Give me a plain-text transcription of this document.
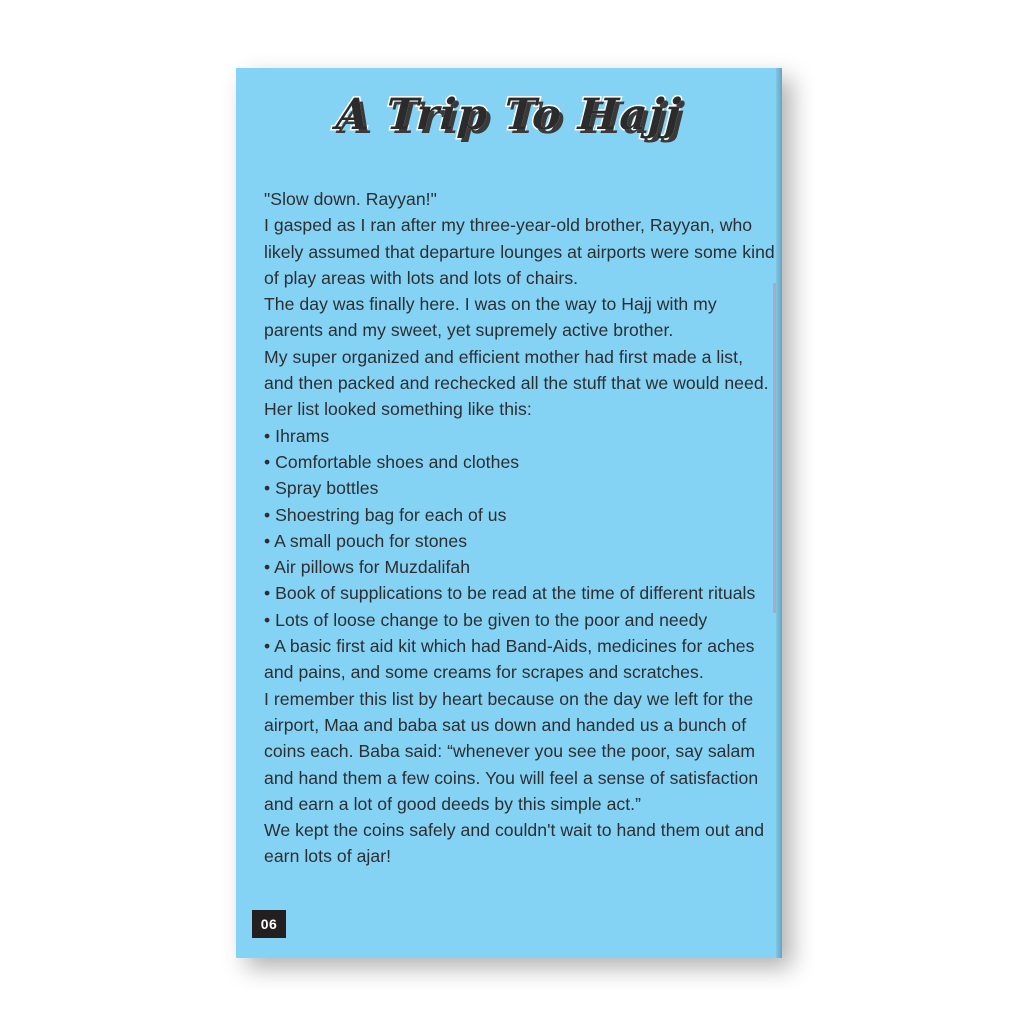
A Trip To Hajj

"Slow down. Rayyan!"

I gasped as I ran after my three-year-old brother, Rayyan, who likely assumed that departure lounges at airports were some kind of play areas with lots and lots of chairs.

The day was finally here. I was on the way to Hajj with my parents and my sweet, yet supremely active brother.

My super organized and efficient mother had first made a list, and then packed and rechecked all the stuff that we would need. Her list looked something like this:

• Ihrams

• Comfortable shoes and clothes

• Spray bottles

• Shoestring bag for each of us

• A small pouch for stones

• Air pillows for Muzdalifah

• Book of supplications to be read at the time of different rituals

• Lots of loose change to be given to the poor and needy

• A basic first aid kit which had Band-Aids, medicines for aches and pains, and some creams for scrapes and scratches.

I remember this list by heart because on the day we left for the airport, Maa and baba sat us down and handed us a bunch of coins each. Baba said: “whenever you see the poor, say salam and hand them a few coins. You will feel a sense of satisfaction and earn a lot of good deeds by this simple act.”

We kept the coins safely and couldn't wait to hand them out and earn lots of ajar!

06
